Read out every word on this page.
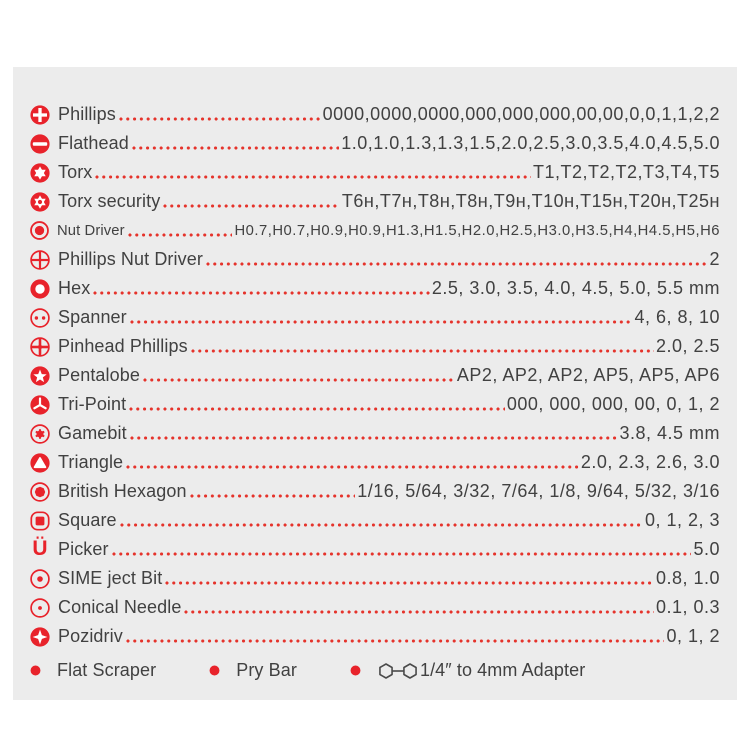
Phillips	0000,0000,0000,000,000,000,00,00,0,0,1,1,2,2
Flathead	1.0,1.0,1.3,1.3,1.5,2.0,2.5,3.0,3.5,4.0,4.5,5.0
Torx	T1,T2,T2,T2,T3,T4,T5
Torx security	T6ʜ,T7ʜ,T8ʜ,T8ʜ,T9ʜ,T10ʜ,T15ʜ,T20ʜ,T25ʜ
Nut Driver	H0.7,H0.7,H0.9,H0.9,H1.3,H1.5,H2.0,H2.5,H3.0,H3.5,H4,H4.5,H5,H6
Phillips Nut Driver	2
Hex	2.5, 3.0, 3.5, 4.0, 4.5, 5.0, 5.5 mm
Spanner	4, 6, 8, 10
Pinhead Phillips	2.0, 2.5
Pentalobe	AP2, AP2, AP2, AP5, AP5, AP6
Tri-Point	000, 000, 000, 00, 0, 1, 2
Gamebit	3.8, 4.5 mm
Triangle	2.0, 2.3, 2.6, 3.0
British Hexagon	1/16, 5/64, 3/32, 7/64, 1/8, 9/64, 5/32, 3/16
Square	0, 1, 2, 3
Ü Picker	5.0
SIME ject Bit	0.8, 1.0
Conical Needle	0.1, 0.3
Pozidriv	0, 1, 2
Flat Scraper	Pry Bar	1/4″ to 4mm Adapter
